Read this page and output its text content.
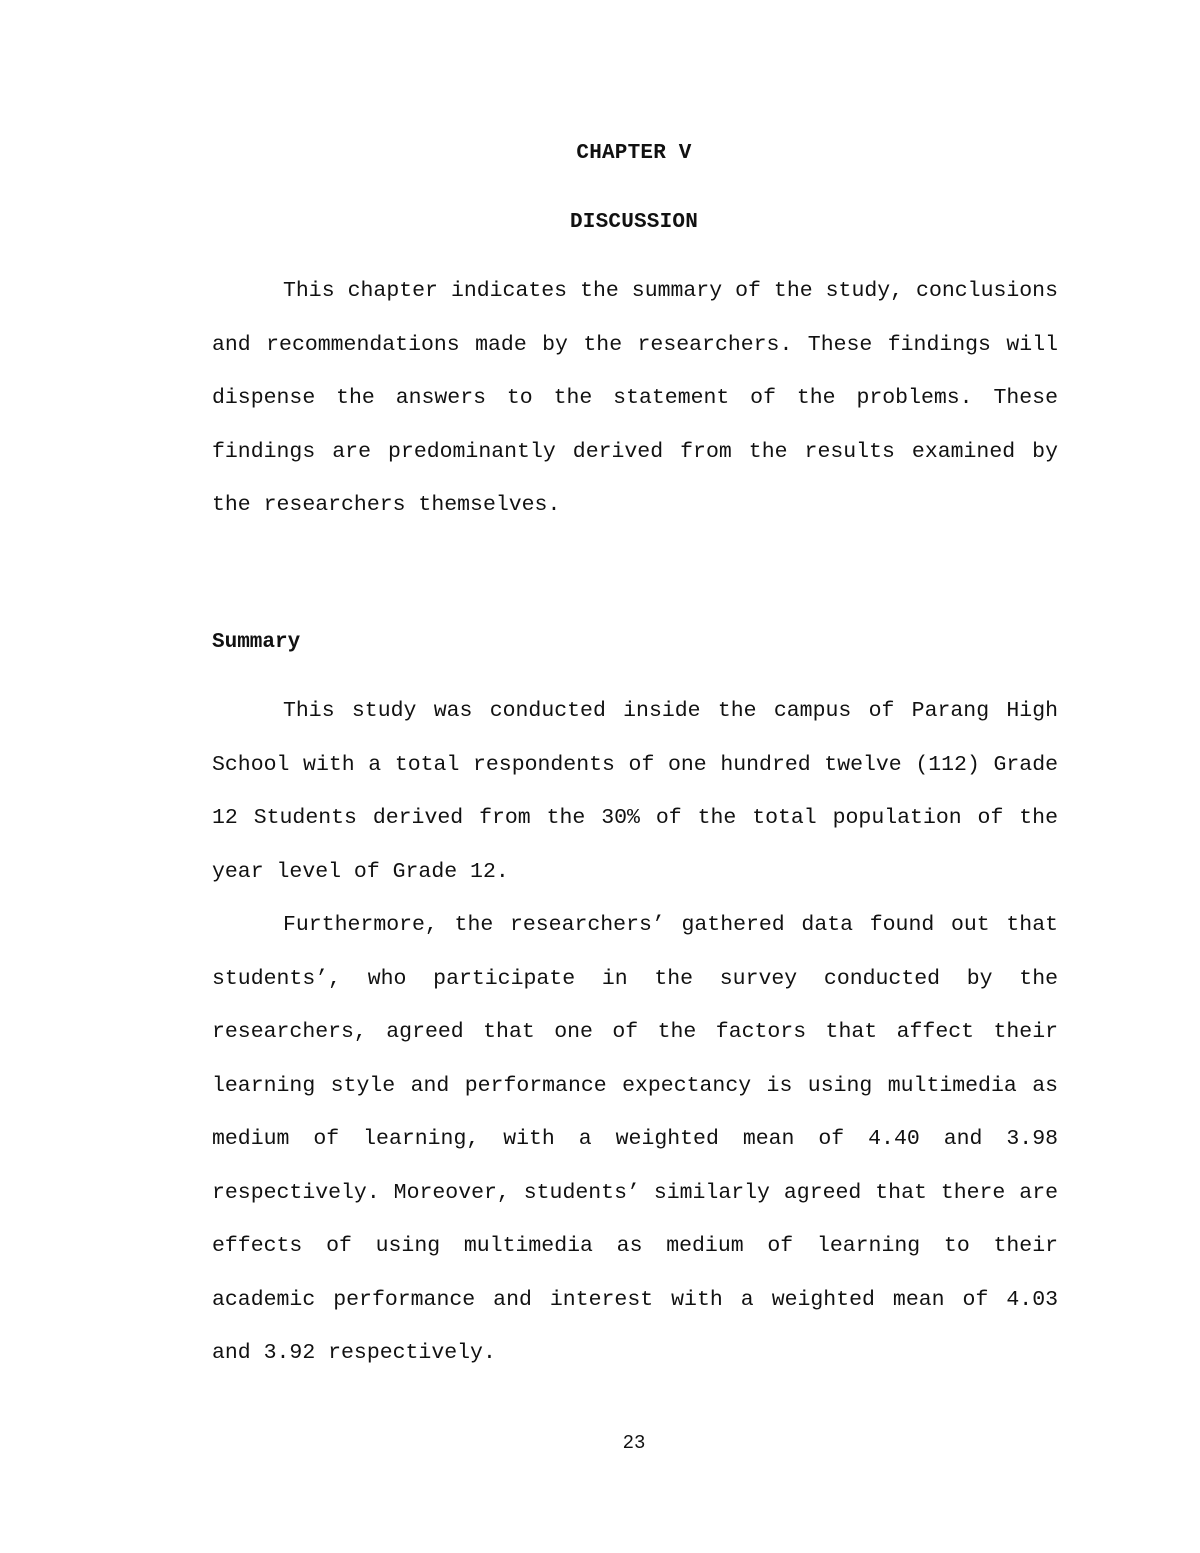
CHAPTER V
DISCUSSION

This chapter indicates the summary of the study, conclusions and recommendations made by the researchers. These findings will dispense the answers to the statement of the problems. These findings are predominantly derived from the results examined by the researchers themselves.

Summary

This study was conducted inside the campus of Parang High School with a total respondents of one hundred twelve (112) Grade 12 Students derived from the 30% of the total population of the year level of Grade 12.

Furthermore, the researchers’ gathered data found out that students’, who participate in the survey conducted by the researchers, agreed that one of the factors that affect their learning style and performance expectancy is using multimedia as medium of learning, with a weighted mean of 4.40 and 3.98 respectively. Moreover, students’ similarly agreed that there are effects of using multimedia as medium of learning to their academic performance and interest with a weighted mean of 4.03 and 3.92 respectively.

23
